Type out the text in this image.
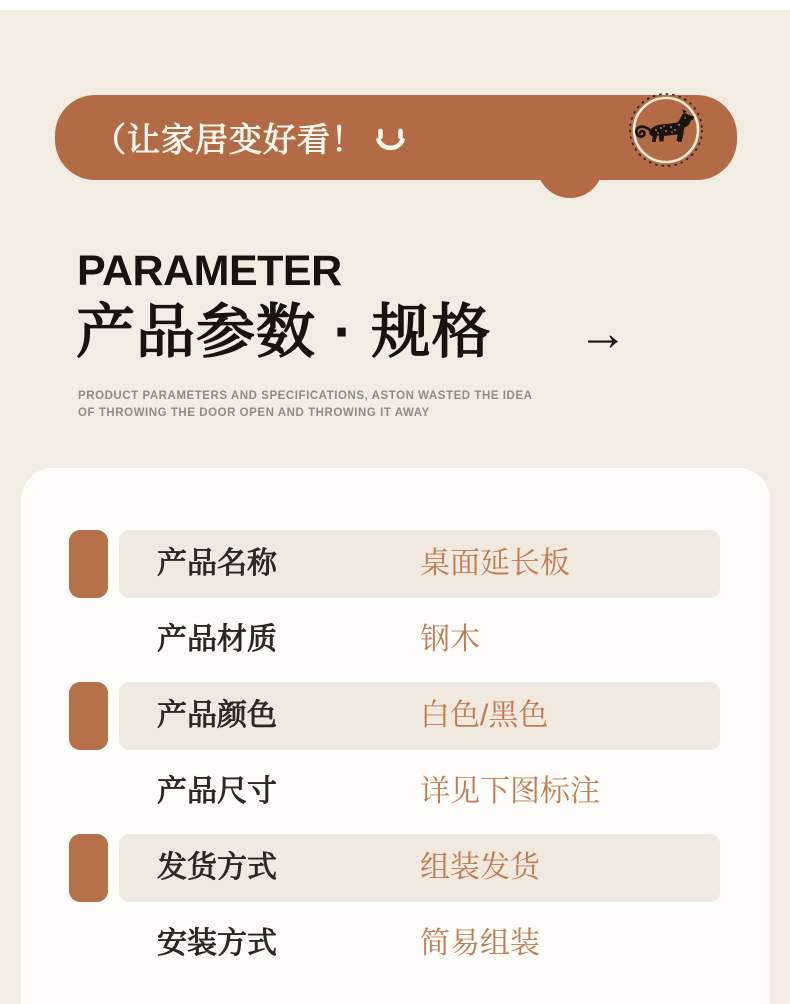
（让家居变好看！
PARAMETER
产品参数 · 规格 →
PRODUCT PARAMETERS AND SPECIFICATIONS, ASTON WASTED THE IDEA
OF THROWING THE DOOR OPEN AND THROWING IT AWAY
产品名称	桌面延长板
产品材质	钢木
产品颜色	白色/黑色
产品尺寸	详见下图标注
发货方式	组装发货
安装方式	简易组装
